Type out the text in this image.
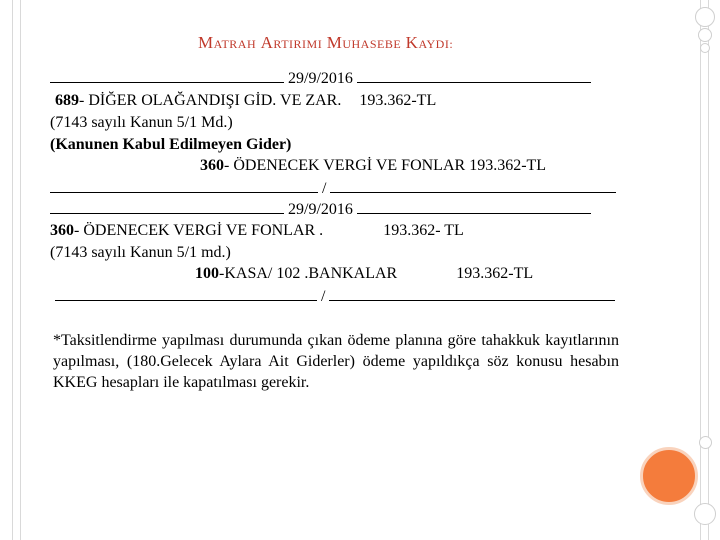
MATRAH ARTIRIMI MUHASEBE KAYDI:
29/9/2016
689- DİĞER OLAĞANDIŞI GİD. VE ZAR. 193.362-TL
(7143 sayılı Kanun 5/1 Md.)
(Kanunen Kabul Edilmeyen Gider)
360- ÖDENECEK VERGİ VE FONLAR 193.362-TL
/
29/9/2016
360- ÖDENECEK VERGİ VE FONLAR .	193.362- TL
(7143 sayılı Kanun 5/1 md.)
100-KASA/ 102 .BANKALAR	193.362-TL
/
*Taksitlendirme yapılması durumunda çıkan ödeme planına göre tahakkuk kayıtlarının yapılması, (180.Gelecek Aylara Ait Giderler) ödeme yapıldıkça söz konusu hesabın KKEG hesapları ile kapatılması gerekir.
